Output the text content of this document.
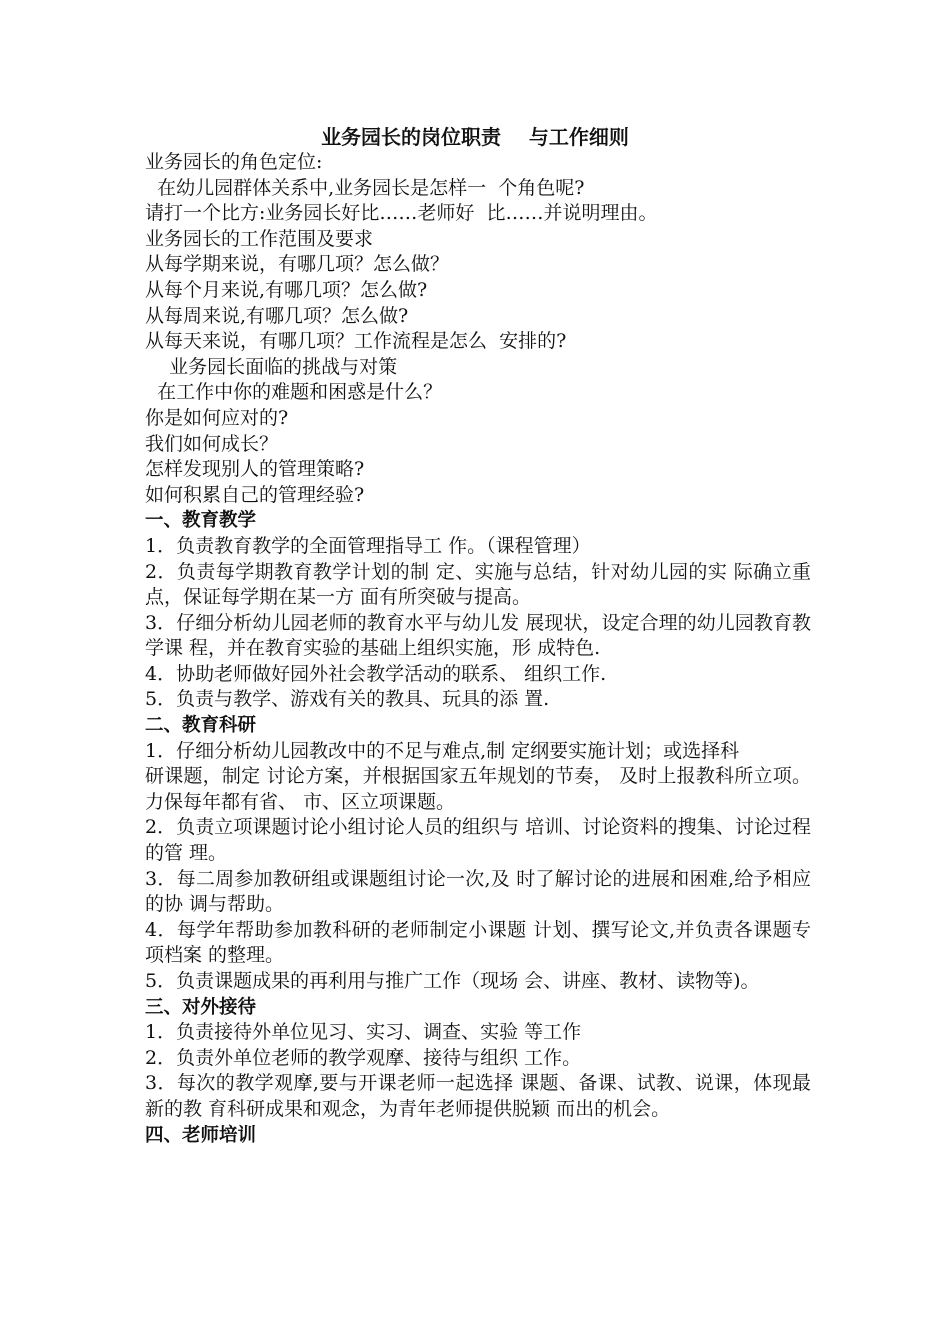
业务园长的岗位职责    与工作细则
业务园长的角色定位:
在幼儿园群体关系中,业务园长是怎样一  个角色呢?
请打一个比方:业务园长好比……老师好  比……并说明理由。
业务园长的工作范围及要求
从每学期来说，有哪几项？怎么做？
从每个月来说,有哪几项？怎么做?
从每周来说,有哪几项？怎么做?
从每天来说，有哪几项？工作流程是怎么  安排的?
业务园长面临的挑战与对策
在工作中你的难题和困惑是什么？
你是如何应对的?
我们如何成长？
怎样发现别人的管理策略?
如何积累自己的管理经验?
一、教育教学
1．负责教育教学的全面管理指导工 作。（课程管理）
2．负责每学期教育教学计划的制 定、实施与总结，针对幼儿园的实 际确立重点，保证每学期在某一方 面有所突破与提高。
3．仔细分析幼儿园老师的教育水平与幼儿发 展现状，设定合理的幼儿园教育教学课 程，并在教育实验的基础上组织实施，形 成特色.
4．协助老师做好园外社会教学活动的联系、 组织工作.
5．负责与教学、游戏有关的教具、玩具的添 置.
二、教育科研
1．仔细分析幼儿园教改中的不足与难点,制 定纲要实施计划；或选择科
研课题，制定 讨论方案，并根据国家五年规划的节奏， 及时上报教科所立项。力保每年都有省、 市、区立项课题。
2．负责立项课题讨论小组讨论人员的组织与 培训、讨论资料的搜集、讨论过程的管 理。
3．每二周参加教研组或课题组讨论一次,及 时了解讨论的进展和困难,给予相应的协 调与帮助。
4．每学年帮助参加教科研的老师制定小课题 计划、撰写论文,并负责各课题专项档案 的整理。
5．负责课题成果的再利用与推广工作（现场 会、讲座、教材、读物等)。
三、对外接待
1．负责接待外单位见习、实习、调查、实验 等工作
2．负责外单位老师的教学观摩、接待与组织 工作。
3．每次的教学观摩,要与开课老师一起选择 课题、备课、试教、说课，体现最新的教 育科研成果和观念，为青年老师提供脱颖 而出的机会。
四、老师培训
